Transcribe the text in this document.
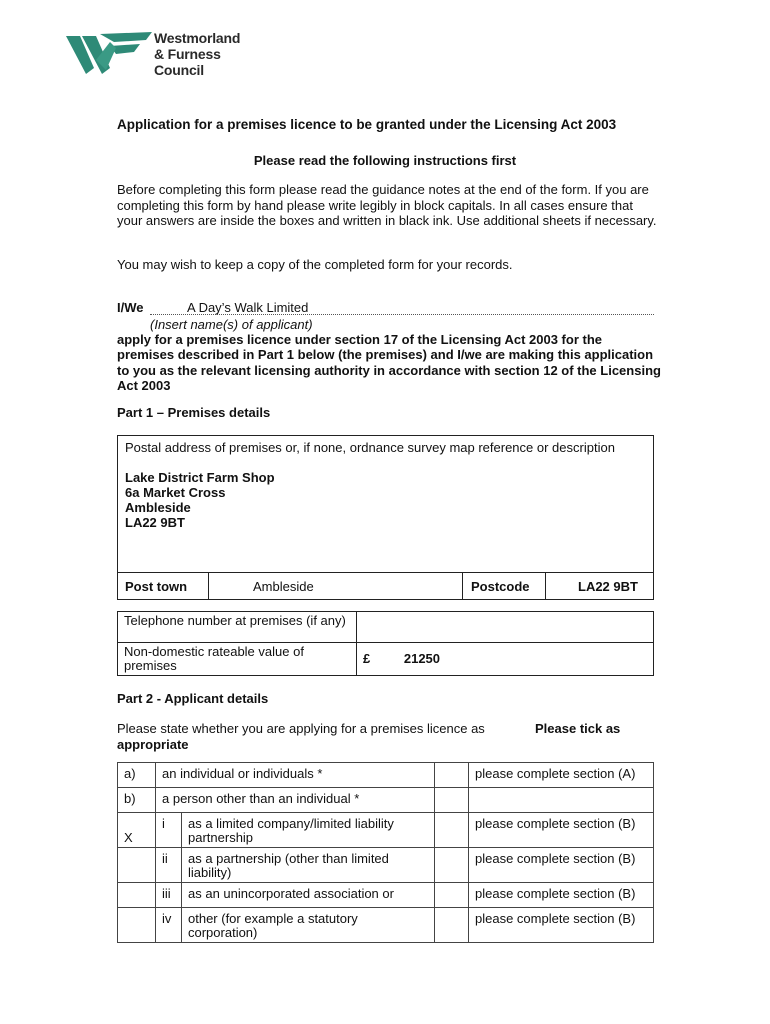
Westmorland
& Furness
Council
Application for a premises licence to be granted under the Licensing Act 2003
Please read the following instructions first
Before completing this form please read the guidance notes at the end of the form. If you are completing this form by hand please write legibly in block capitals. In all cases ensure that your answers are inside the boxes and written in black ink. Use additional sheets if necessary.
You may wish to keep a copy of the completed form for your records.
I/We	A Day’s Walk Limited
(Insert name(s) of applicant)
apply for a premises licence under section 17 of the Licensing Act 2003 for the premises described in Part 1 below (the premises) and I/we are making this application to you as the relevant licensing authority in accordance with section 12 of the Licensing Act 2003
Part 1 – Premises details
Postal address of premises or, if none, ordnance survey map reference or description
Lake District Farm Shop
6a Market Cross
Ambleside
LA22 9BT
Post town	Ambleside	Postcode	LA22 9BT
Telephone number at premises (if any)	
Non-domestic rateable value of premises	£ 21250
Part 2 - Applicant details
Please state whether you are applying for a premises licence as
appropriate
Please tick as
a)	an individual or individuals *			please complete section (A)
b)	a person other than an individual *			
X	i	as a limited company/limited liability partnership		please complete section (B)
	ii	as a partnership (other than limited liability)		please complete section (B)
	iii	as an unincorporated association or		please complete section (B)
	iv	other (for example a statutory corporation)		please complete section (B)
